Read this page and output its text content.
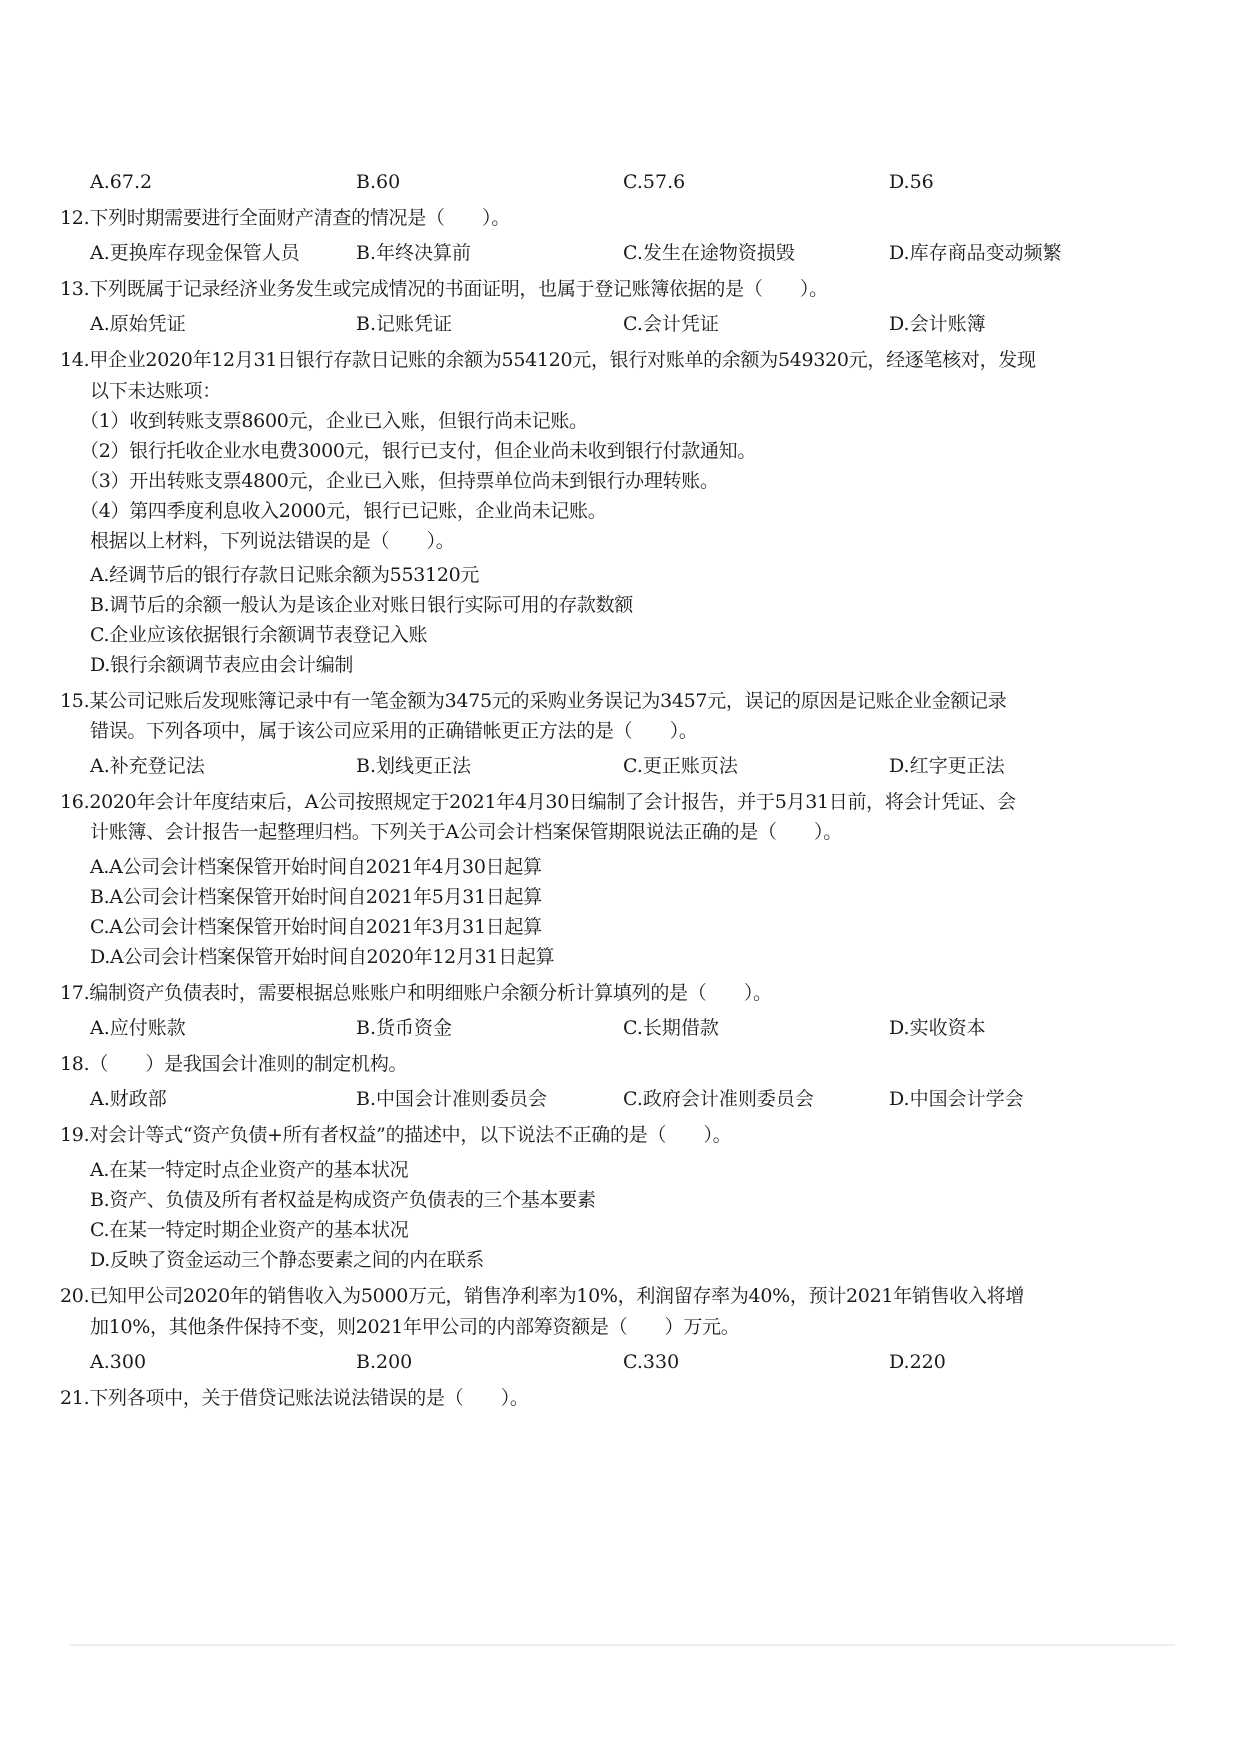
A.67.2	B.60	C.57.6	D.56
12.下列时期需要进行全面财产清查的情况是（　　）。
A.更换库存现金保管人员	B.年终决算前	C.发生在途物资损毁	D.库存商品变动频繁
13.下列既属于记录经济业务发生或完成情况的书面证明，也属于登记账簿依据的是（　　）。
A.原始凭证	B.记账凭证	C.会计凭证	D.会计账簿
14.甲企业2020年12月31日银行存款日记账的余额为554120元，银行对账单的余额为549320元，经逐笔核对，发现
以下未达账项：
（1）收到转账支票8600元，企业已入账，但银行尚未记账。
（2）银行托收企业水电费3000元，银行已支付，但企业尚未收到银行付款通知。
（3）开出转账支票4800元，企业已入账，但持票单位尚未到银行办理转账。
（4）第四季度利息收入2000元，银行已记账，企业尚未记账。
根据以上材料，下列说法错误的是（　　）。
A.经调节后的银行存款日记账余额为553120元
B.调节后的余额一般认为是该企业对账日银行实际可用的存款数额
C.企业应该依据银行余额调节表登记入账
D.银行余额调节表应由会计编制
15.某公司记账后发现账簿记录中有一笔金额为3475元的采购业务误记为3457元，误记的原因是记账企业金额记录
错误。下列各项中，属于该公司应采用的正确错帐更正方法的是（　　）。
A.补充登记法	B.划线更正法	C.更正账页法	D.红字更正法
16.2020年会计年度结束后，A公司按照规定于2021年4月30日编制了会计报告，并于5月31日前，将会计凭证、会
计账簿、会计报告一起整理归档。下列关于A公司会计档案保管期限说法正确的是（　　）。
A.A公司会计档案保管开始时间自2021年4月30日起算
B.A公司会计档案保管开始时间自2021年5月31日起算
C.A公司会计档案保管开始时间自2021年3月31日起算
D.A公司会计档案保管开始时间自2020年12月31日起算
17.编制资产负债表时，需要根据总账账户和明细账户余额分析计算填列的是（　　）。
A.应付账款	B.货币资金	C.长期借款	D.实收资本
18.（　　）是我国会计准则的制定机构。
A.财政部	B.中国会计准则委员会	C.政府会计准则委员会	D.中国会计学会
19.对会计等式“资产负债+所有者权益”的描述中，以下说法不正确的是（　　）。
A.在某一特定时点企业资产的基本状况
B.资产、负债及所有者权益是构成资产负债表的三个基本要素
C.在某一特定时期企业资产的基本状况
D.反映了资金运动三个静态要素之间的内在联系
20.已知甲公司2020年的销售收入为5000万元，销售净利率为10%，利润留存率为40%，预计2021年销售收入将增
加10%，其他条件保持不变，则2021年甲公司的内部筹资额是（　　）万元。
A.300	B.200	C.330	D.220
21.下列各项中，关于借贷记账法说法错误的是（　　）。
